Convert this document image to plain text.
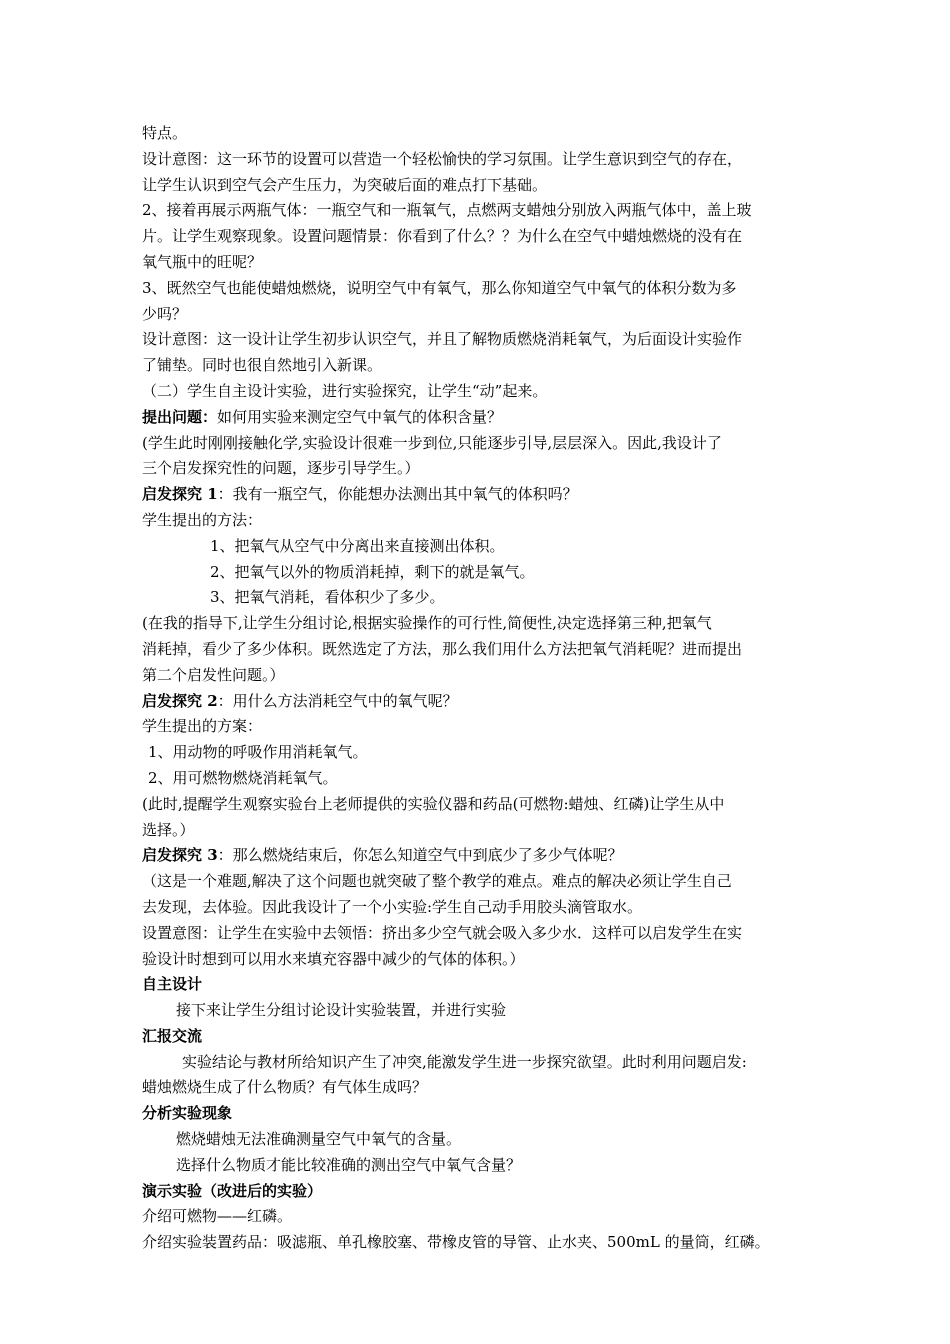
特点。
设计意图：这一环节的设置可以营造一个轻松愉快的学习氛围。让学生意识到空气的存在，
让学生认识到空气会产生压力，为突破后面的难点打下基础。
2、接着再展示两瓶气体：一瓶空气和一瓶氧气，点燃两支蜡烛分别放入两瓶气体中，盖上玻
片。让学生观察现象。设置问题情景：你看到了什么？？为什么在空气中蜡烛燃烧的没有在
氧气瓶中的旺呢？
3、既然空气也能使蜡烛燃烧，说明空气中有氧气，那么你知道空气中氧气的体积分数为多
少吗？
设计意图：这一设计让学生初步认识空气，并且了解物质燃烧消耗氧气，为后面设计实验作
了铺垫。同时也很自然地引入新课。
（二）学生自主设计实验，进行实验探究，让学生“动”起来。
提出问题：如何用实验来测定空气中氧气的体积含量？
(学生此时刚刚接触化学,实验设计很难一步到位,只能逐步引导,层层深入。因此,我设计了
三个启发探究性的问题，逐步引导学生。）
启发探究 1：我有一瓶空气，你能想办法测出其中氧气的体积吗？
学生提出的方法：
1、把氧气从空气中分离出来直接测出体积。
2、把氧气以外的物质消耗掉，剩下的就是氧气。
3、把氧气消耗，看体积少了多少。
(在我的指导下,让学生分组讨论,根据实验操作的可行性,简便性,决定选择第三种,把氧气
消耗掉，看少了多少体积。既然选定了方法，那么我们用什么方法把氧气消耗呢？进而提出
第二个启发性问题。）
启发探究 2：用什么方法消耗空气中的氧气呢？
学生提出的方案：
1、用动物的呼吸作用消耗氧气。
2、用可燃物燃烧消耗氧气。
(此时,提醒学生观察实验台上老师提供的实验仪器和药品(可燃物:蜡烛、红磷)让学生从中
选择。）
启发探究 3：那么燃烧结束后，你怎么知道空气中到底少了多少气体呢？
（这是一个难题,解决了这个问题也就突破了整个教学的难点。难点的解决必须让学生自己
去发现，去体验。因此我设计了一个小实验:学生自己动手用胶头滴管取水。
设置意图：让学生在实验中去领悟：挤出多少空气就会吸入多少水．这样可以启发学生在实
验设计时想到可以用水来填充容器中减少的气体的体积。）
自主设计
接下来让学生分组讨论设计实验装置，并进行实验
汇报交流
实验结论与教材所给知识产生了冲突,能激发学生进一步探究欲望。此时利用问题启发:
蜡烛燃烧生成了什么物质？有气体生成吗？
分析实验现象
燃烧蜡烛无法准确测量空气中氧气的含量。
选择什么物质才能比较准确的测出空气中氧气含量？
演示实验（改进后的实验）
介绍可燃物——红磷。
介绍实验装置药品：吸滤瓶、单孔橡胶塞、带橡皮管的导管、止水夹、500mL 的量筒，红磷。
